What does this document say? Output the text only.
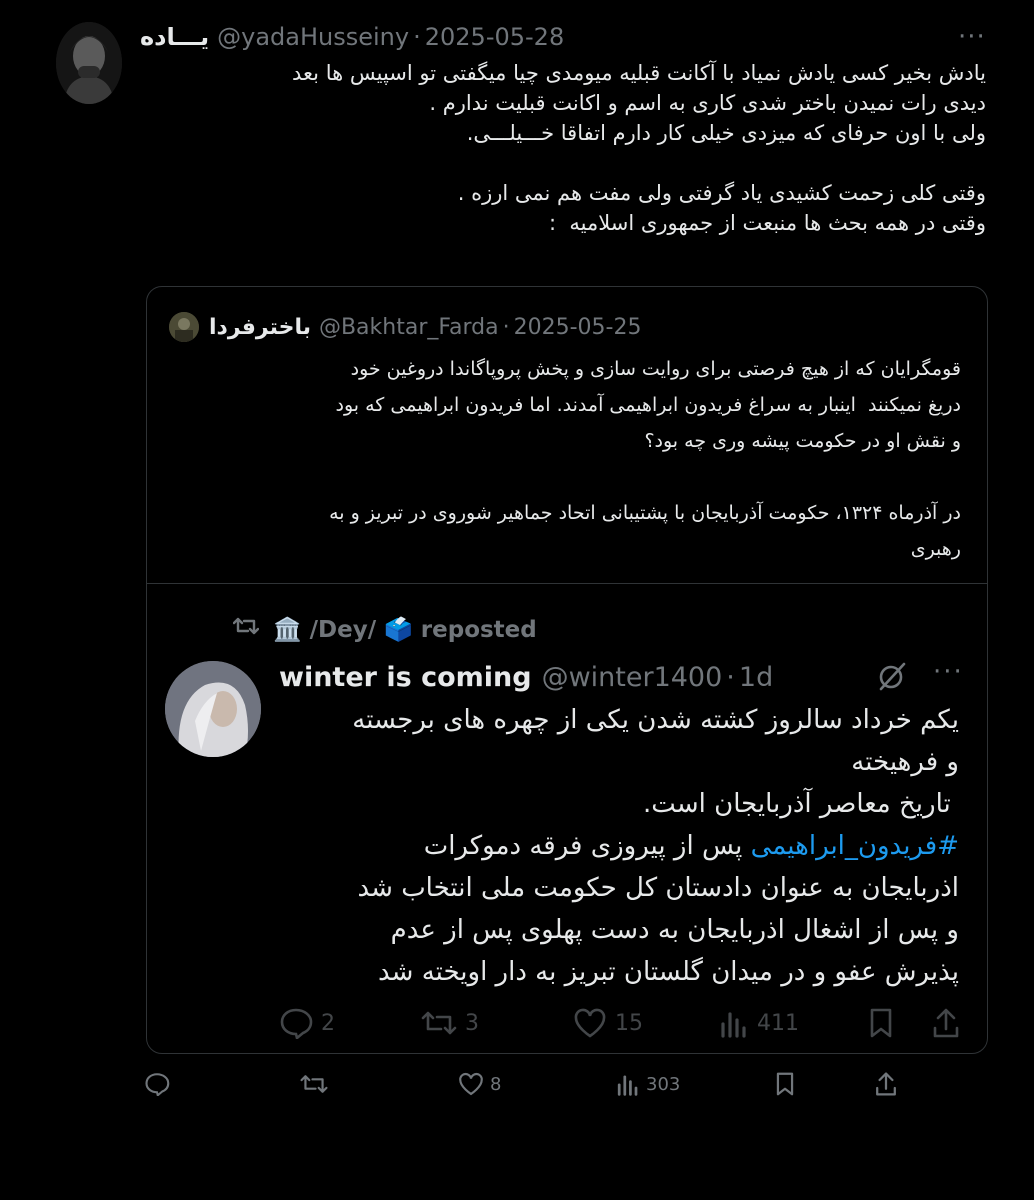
یـــاده @yadaHusseiny · 2025-05-28	···
یادش بخیر کسی یادش نمیاد با آکانت قبلیه میومدی چیا میگفتی تو اسپیس ها بعد
دیدی رات نمیدن باختر شدی کاری به اسم و اکانت قبلیت ندارم .
ولی با اون حرفای که میزدی خیلی کار دارم اتفاقا خـــیلـــی.

وقتی کلی زحمت کشیدی یاد گرفتی ولی مفت هم نمی ارزه .
وقتی در همه بحث ها منبعت از جمهوری اسلامیه  :
باخترفردا @Bakhtar_Farda · 2025-05-25
قومگرایان که از هیچ فرصتی برای روایت سازی و پخش پروپاگاندا دروغین خود
دریغ نمیکنند  اینبار به سراغ فریدون ابراهیمی آمدند. اما فریدون ابراهیمی که بود
و نقش او در حکومت پیشه وری چه بود؟

در آذرماه ۱۳۲۴، حکومت آذربایجان با پشتیبانی اتحاد جماهیر شوروی در تبریز و به
رهبری
🏛️ /Dey/ 🗳️ reposted
winter is coming @winter1400 · 1d	···
یکم خرداد سالروز کشته شدن یکی از چهره های برجسته
و فرهیخته
تاریخ معاصر آذربایجان است.
#فریدون_ابراهیمی پس از پیروزی فرقه دموکرات
اذربایجان به عنوان دادستان کل حکومت ملی انتخاب شد
و پس از اشغال اذربایجان به دست پهلوی پس از عدم
پذیرش عفو و در میدان گلستان تبریز به دار اویخته شد
2	3	15	411
8	303
